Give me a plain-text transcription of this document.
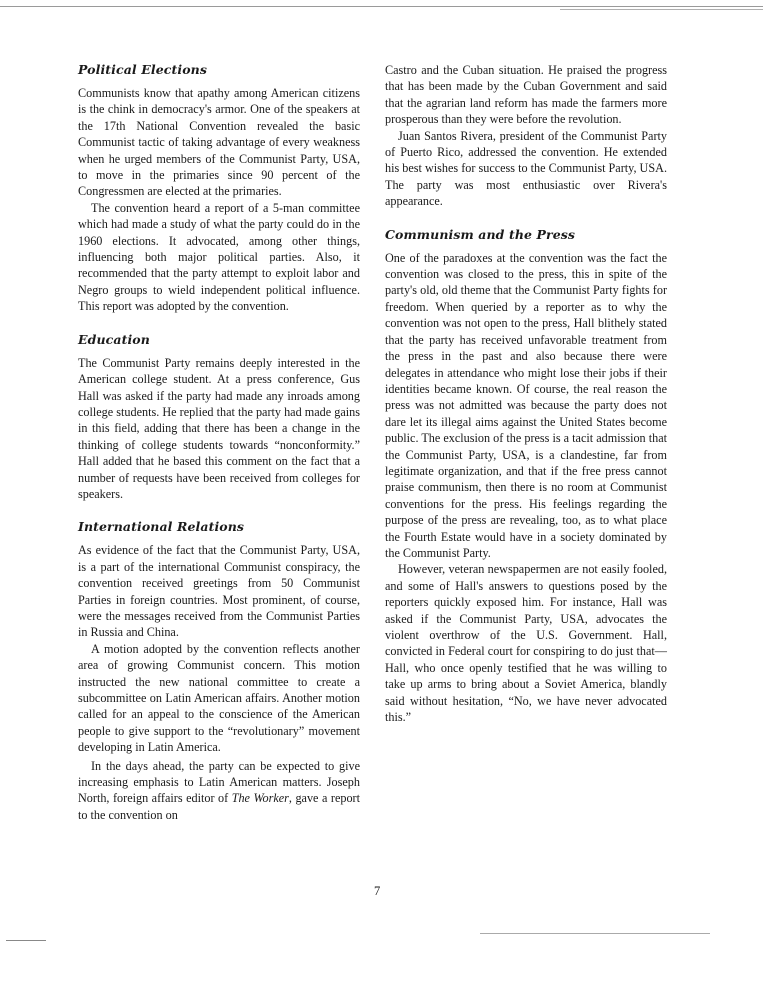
Political Elections

Communists know that apathy among American citizens is the chink in democracy's armor. One of the speakers at the 17th National Convention revealed the basic Communist tactic of taking advantage of every weakness when he urged members of the Communist Party, USA, to move in the primaries since 90 percent of the Congressmen are elected at the primaries.

The convention heard a report of a 5-man committee which had made a study of what the party could do in the 1960 elections. It advocated, among other things, influencing both major political parties. Also, it recommended that the party attempt to exploit labor and Negro groups to wield independent political influence. This report was adopted by the convention.

Education

The Communist Party remains deeply interested in the American college student. At a press conference, Gus Hall was asked if the party had made any inroads among college students. He replied that the party had made gains in this field, adding that there has been a change in the thinking of college students towards “nonconformity.” Hall added that he based this comment on the fact that a number of requests have been received from colleges for speakers.

International Relations

As evidence of the fact that the Communist Party, USA, is a part of the international Communist conspiracy, the convention received greetings from 50 Communist Parties in foreign countries. Most prominent, of course, were the messages received from the Communist Parties in Russia and China.

A motion adopted by the convention reflects another area of growing Communist concern. This motion instructed the new national committee to create a subcommittee on Latin American affairs. Another motion called for an appeal to the conscience of the American people to give support to the “revolutionary” movement developing in Latin America.

In the days ahead, the party can be expected to give increasing emphasis to Latin American matters. Joseph North, foreign affairs editor of The Worker, gave a report to the convention on

Castro and the Cuban situation. He praised the progress that has been made by the Cuban Government and said that the agrarian land reform has made the farmers more prosperous than they were before the revolution.

Juan Santos Rivera, president of the Communist Party of Puerto Rico, addressed the convention. He extended his best wishes for success to the Communist Party, USA. The party was most enthusiastic over Rivera's appearance.

Communism and the Press

One of the paradoxes at the convention was the fact the convention was closed to the press, this in spite of the party's old, old theme that the Communist Party fights for freedom. When queried by a reporter as to why the convention was not open to the press, Hall blithely stated that the party has received unfavorable treatment from the press in the past and also because there were delegates in attendance who might lose their jobs if their identities became known. Of course, the real reason the press was not admitted was because the party does not dare let its illegal aims against the United States become public. The exclusion of the press is a tacit admission that the Communist Party, USA, is a clandestine, far from legitimate organization, and that if the free press cannot praise communism, then there is no room at Communist conventions for the press. His feelings regarding the purpose of the press are revealing, too, as to what place the Fourth Estate would have in a society dominated by the Communist Party.

However, veteran newspapermen are not easily fooled, and some of Hall's answers to questions posed by the reporters quickly exposed him. For instance, Hall was asked if the Communist Party, USA, advocates the violent overthrow of the U.S. Government. Hall, convicted in Federal court for conspiring to do just that—Hall, who once openly testified that he was willing to take up arms to bring about a Soviet America, blandly said without hesitation, “No, we have never advocated this.”

7
